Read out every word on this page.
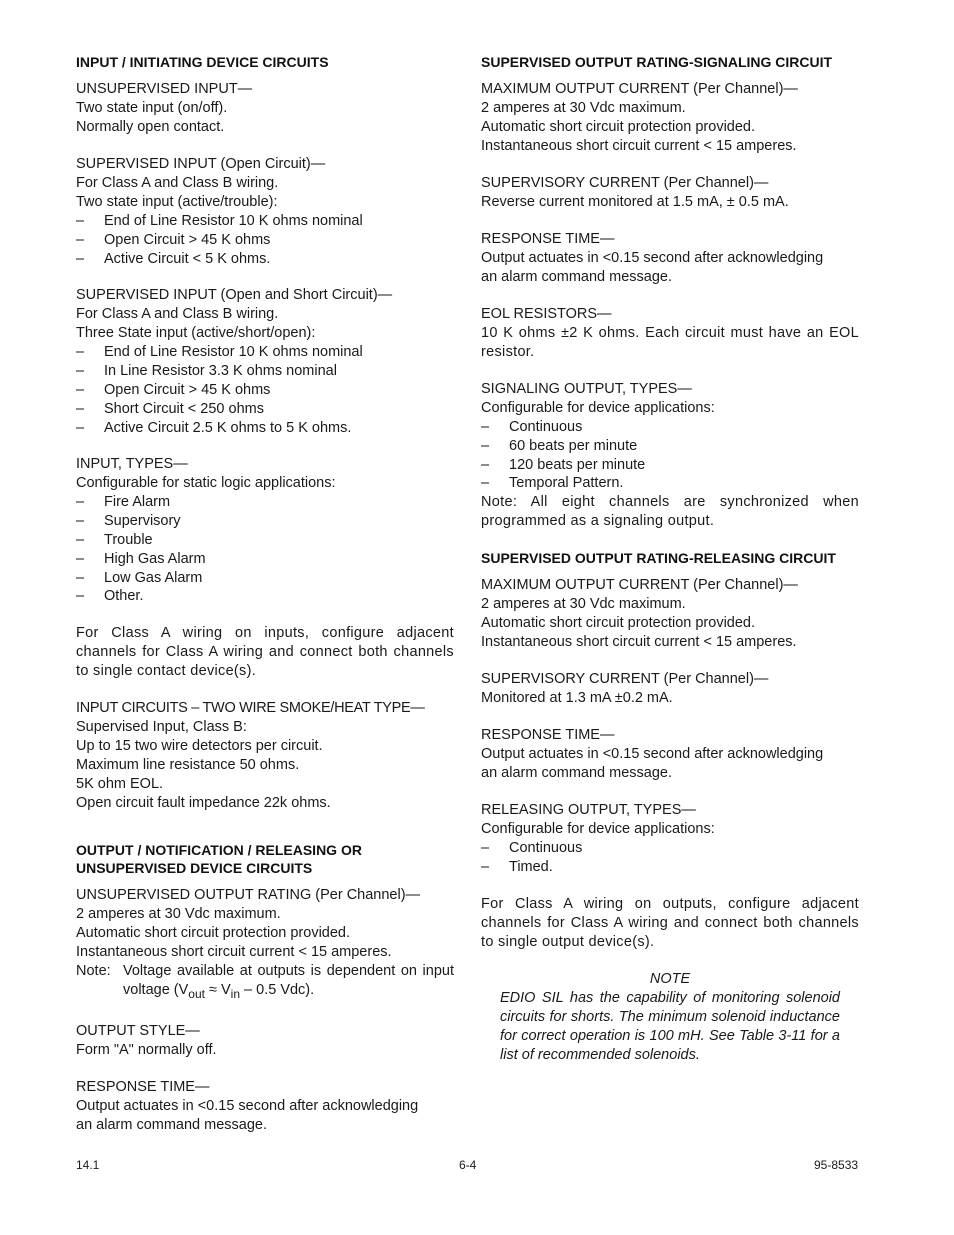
INPUT / INITIATING DEVICE CIRCUITS
UNSUPERVISED INPUT—
Two state input (on/off).
Normally open contact.
SUPERVISED INPUT (Open Circuit)—
For Class A and Class B wiring.
Two state input (active/trouble):
– End of Line Resistor 10 K ohms nominal
– Open Circuit > 45 K ohms
– Active Circuit < 5 K ohms.
SUPERVISED INPUT (Open and Short Circuit)—
For Class A and Class B wiring.
Three State input (active/short/open):
– End of Line Resistor 10 K ohms nominal
– In Line Resistor 3.3 K ohms nominal
– Open Circuit > 45 K ohms
– Short Circuit < 250 ohms
– Active Circuit 2.5 K ohms to 5 K ohms.
INPUT, TYPES—
Configurable for static logic applications:
– Fire Alarm
– Supervisory
– Trouble
– High Gas Alarm
– Low Gas Alarm
– Other.
For Class A wiring on inputs, configure adjacent channels for Class A wiring and connect both channels to single contact device(s).
INPUT CIRCUITS – TWO WIRE SMOKE/HEAT TYPE—
Supervised Input, Class B:
Up to 15 two wire detectors per circuit.
Maximum line resistance 50 ohms.
5K ohm EOL.
Open circuit fault impedance 22k ohms.
OUTPUT / NOTIFICATION / RELEASING OR
UNSUPERVISED DEVICE CIRCUITS
UNSUPERVISED OUTPUT RATING (Per Channel)—
2 amperes at 30 Vdc maximum.
Automatic short circuit protection provided.
Instantaneous short circuit current < 15 amperes.
Note: Voltage available at outputs is dependent on input voltage ($V_{out} \approx V_{in} - 0.5$ Vdc).
OUTPUT STYLE—
Form "A" normally off.
RESPONSE TIME—
Output actuates in <0.15 second after acknowledging
an alarm command message.
SUPERVISED OUTPUT RATING-SIGNALING CIRCUIT
MAXIMUM OUTPUT CURRENT (Per Channel)—
2 amperes at 30 Vdc maximum.
Automatic short circuit protection provided.
Instantaneous short circuit current < 15 amperes.
SUPERVISORY CURRENT (Per Channel)—
Reverse current monitored at 1.5 mA, ± 0.5 mA.
RESPONSE TIME—
Output actuates in <0.15 second after acknowledging
an alarm command message.
EOL RESISTORS—
10 K ohms ±2 K ohms. Each circuit must have an EOL resistor.
SIGNALING OUTPUT, TYPES—
Configurable for device applications:
– Continuous
– 60 beats per minute
– 120 beats per minute
– Temporal Pattern.
Note: All eight channels are synchronized when programmed as a signaling output.
SUPERVISED OUTPUT RATING-RELEASING CIRCUIT
MAXIMUM OUTPUT CURRENT (Per Channel)—
2 amperes at 30 Vdc maximum.
Automatic short circuit protection provided.
Instantaneous short circuit current < 15 amperes.
SUPERVISORY CURRENT (Per Channel)—
Monitored at 1.3 mA ±0.2 mA.
RESPONSE TIME—
Output actuates in <0.15 second after acknowledging
an alarm command message.
RELEASING OUTPUT, TYPES—
Configurable for device applications:
– Continuous
– Timed.
For Class A wiring on outputs, configure adjacent channels for Class A wiring and connect both channels to single output device(s).
NOTE
EDIO SIL has the capability of monitoring solenoid circuits for shorts. The minimum solenoid inductance for correct operation is 100 mH. See Table 3-11 for a list of recommended solenoids.
14.1	6-4	95-8533
